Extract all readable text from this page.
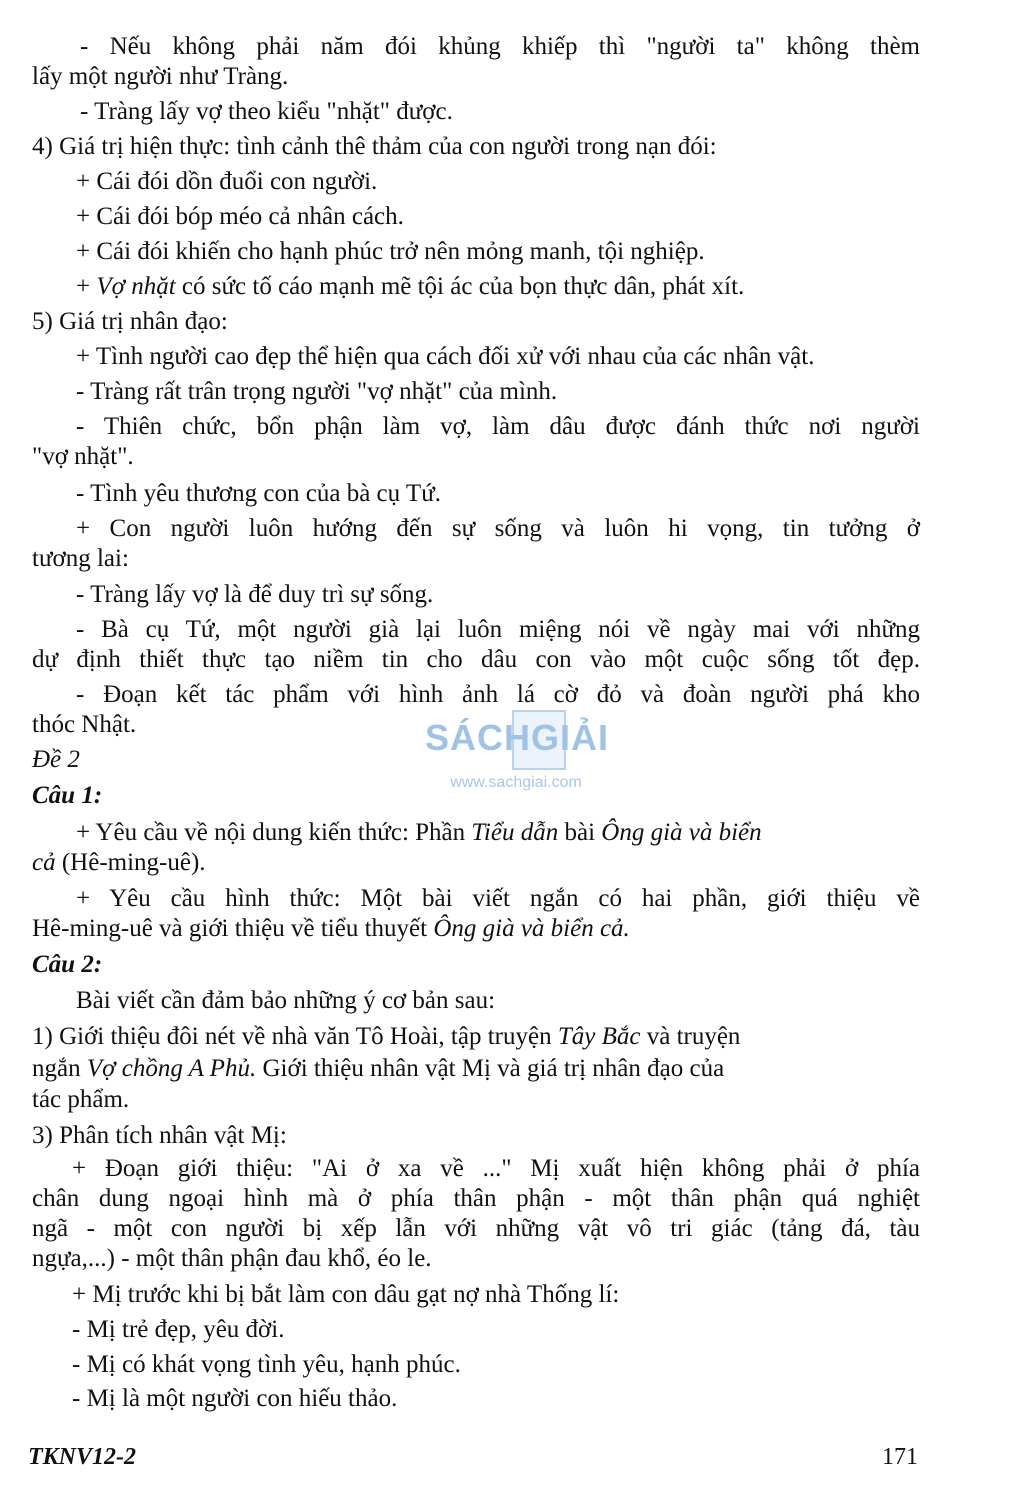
- Nếu không phải năm đói khủng khiếp thì "người ta" không thèm
lấy một người như Tràng.
- Tràng lấy vợ theo kiểu "nhặt" được.
4) Giá trị hiện thực: tình cảnh thê thảm của con người trong nạn đói:
+ Cái đói dồn đuổi con người.
+ Cái đói bóp méo cả nhân cách.
+ Cái đói khiến cho hạnh phúc trở nên mỏng manh, tội nghiệp.
+ Vợ nhặt có sức tố cáo mạnh mẽ tội ác của bọn thực dân, phát xít.
5) Giá trị nhân đạo:
+ Tình người cao đẹp thể hiện qua cách đối xử với nhau của các nhân vật.
- Tràng rất trân trọng người "vợ nhặt" của mình.
- Thiên chức, bổn phận làm vợ, làm dâu được đánh thức nơi người
"vợ nhặt".
- Tình yêu thương con của bà cụ Tứ.
+ Con người luôn hướng đến sự sống và luôn hi vọng, tin tưởng ở
tương lai:
- Tràng lấy vợ là để duy trì sự sống.
- Bà cụ Tứ, một người già lại luôn miệng nói về ngày mai với những
dự định thiết thực tạo niềm tin cho dâu con vào một cuộc sống tốt đẹp.
- Đoạn kết tác phẩm với hình ảnh lá cờ đỏ và đoàn người phá kho
thóc Nhật.
Đề 2
Câu 1:
+ Yêu cầu về nội dung kiến thức: Phần Tiểu dẫn bài Ông già và biển
cả (Hê-ming-uê).
+ Yêu cầu hình thức: Một bài viết ngắn có hai phần, giới thiệu về
Hê-ming-uê và giới thiệu về tiểu thuyết Ông già và biển cả.
Câu 2:
Bài viết cần đảm bảo những ý cơ bản sau:
1) Giới thiệu đôi nét về nhà văn Tô Hoài, tập truyện Tây Bắc và truyện
ngắn Vợ chồng A Phủ. Giới thiệu nhân vật Mị và giá trị nhân đạo của
tác phẩm.
3) Phân tích nhân vật Mị:
+ Đoạn giới thiệu: "Ai ở xa về ..." Mị xuất hiện không phải ở phía
chân dung ngoại hình mà ở phía thân phận - một thân phận quá nghiệt
ngã - một con người bị xếp lẫn với những vật vô tri giác (tảng đá, tàu
ngựa,...) - một thân phận đau khổ, éo le.
+ Mị trước khi bị bắt làm con dâu gạt nợ nhà Thống lí:
- Mị trẻ đẹp, yêu đời.
- Mị có khát vọng tình yêu, hạnh phúc.
- Mị là một người con hiếu thảo.
SÁCHGIẢI
www.sachgiai.com
TKNV12-2	171
